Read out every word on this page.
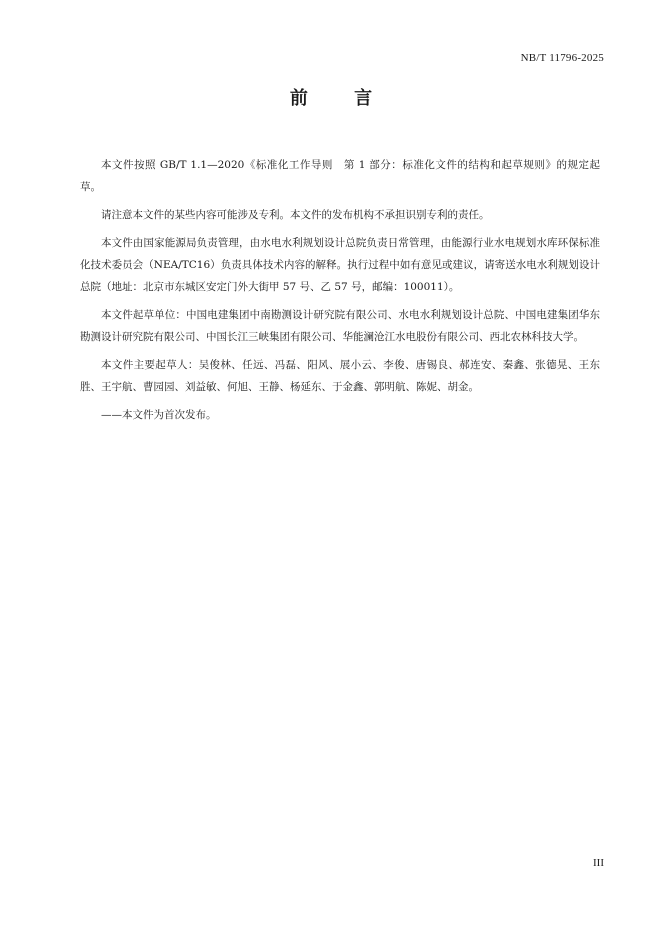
NB/T 11796-2025
前 言

本文件按照 GB/T 1.1—2020《标准化工作导则　第 1 部分：标准化文件的结构和起草规则》的规定起草。

请注意本文件的某些内容可能涉及专利。本文件的发布机构不承担识别专利的责任。

本文件由国家能源局负责管理，由水电水利规划设计总院负责日常管理，由能源行业水电规划水库环保标准化技术委员会（NEA/TC16）负责具体技术内容的解释。执行过程中如有意见或建议，请寄送水电水利规划设计总院（地址：北京市东城区安定门外大街甲 57 号、乙 57 号，邮编：100011）。

本文件起草单位：中国电建集团中南勘测设计研究院有限公司、水电水利规划设计总院、中国电建集团华东勘测设计研究院有限公司、中国长江三峡集团有限公司、华能澜沧江水电股份有限公司、西北农林科技大学。

本文件主要起草人：吴俊林、任远、冯磊、阳风、展小云、李俊、唐锡良、郝连安、秦鑫、张德晃、王东胜、王宇航、曹园园、刘益敏、何旭、王静、杨延东、于金鑫、郭明航、陈妮、胡金。

——本文件为首次发布。

III
